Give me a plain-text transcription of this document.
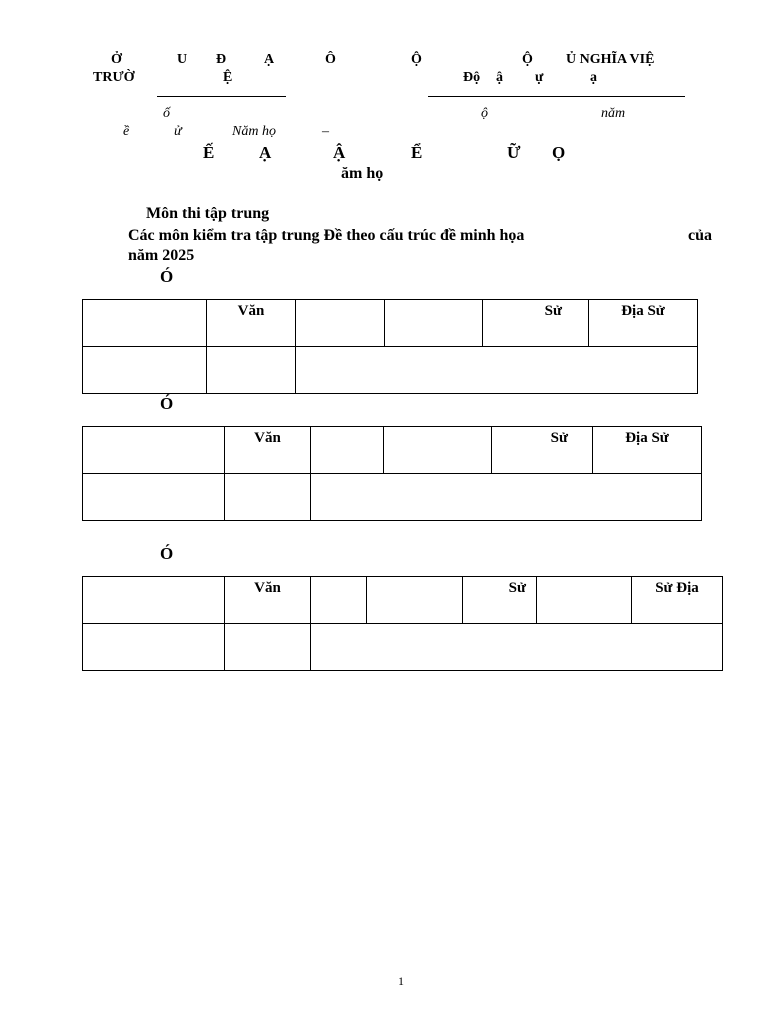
Ở	U Đ	Ạ	Ô	Ộ	Ộ Ủ NGHĨA VIỆ
TRƯỜ	Ệ	Độ ậ ự	ạ
ố	ộ	năm
ề	ử	Năm họ	–
Ế	Ạ	Ậ	Ể	Ữ Ọ
ăm họ
Môn thi tập trung
Các môn kiểm tra tập trung Đề theo cấu trúc đề minh họa	của
năm 2025
Ó

	Văn			Sử	Địa Sử

Ó

	Văn			Sử	Địa Sử

Ó

	Văn			Sử		Sử Địa

1
